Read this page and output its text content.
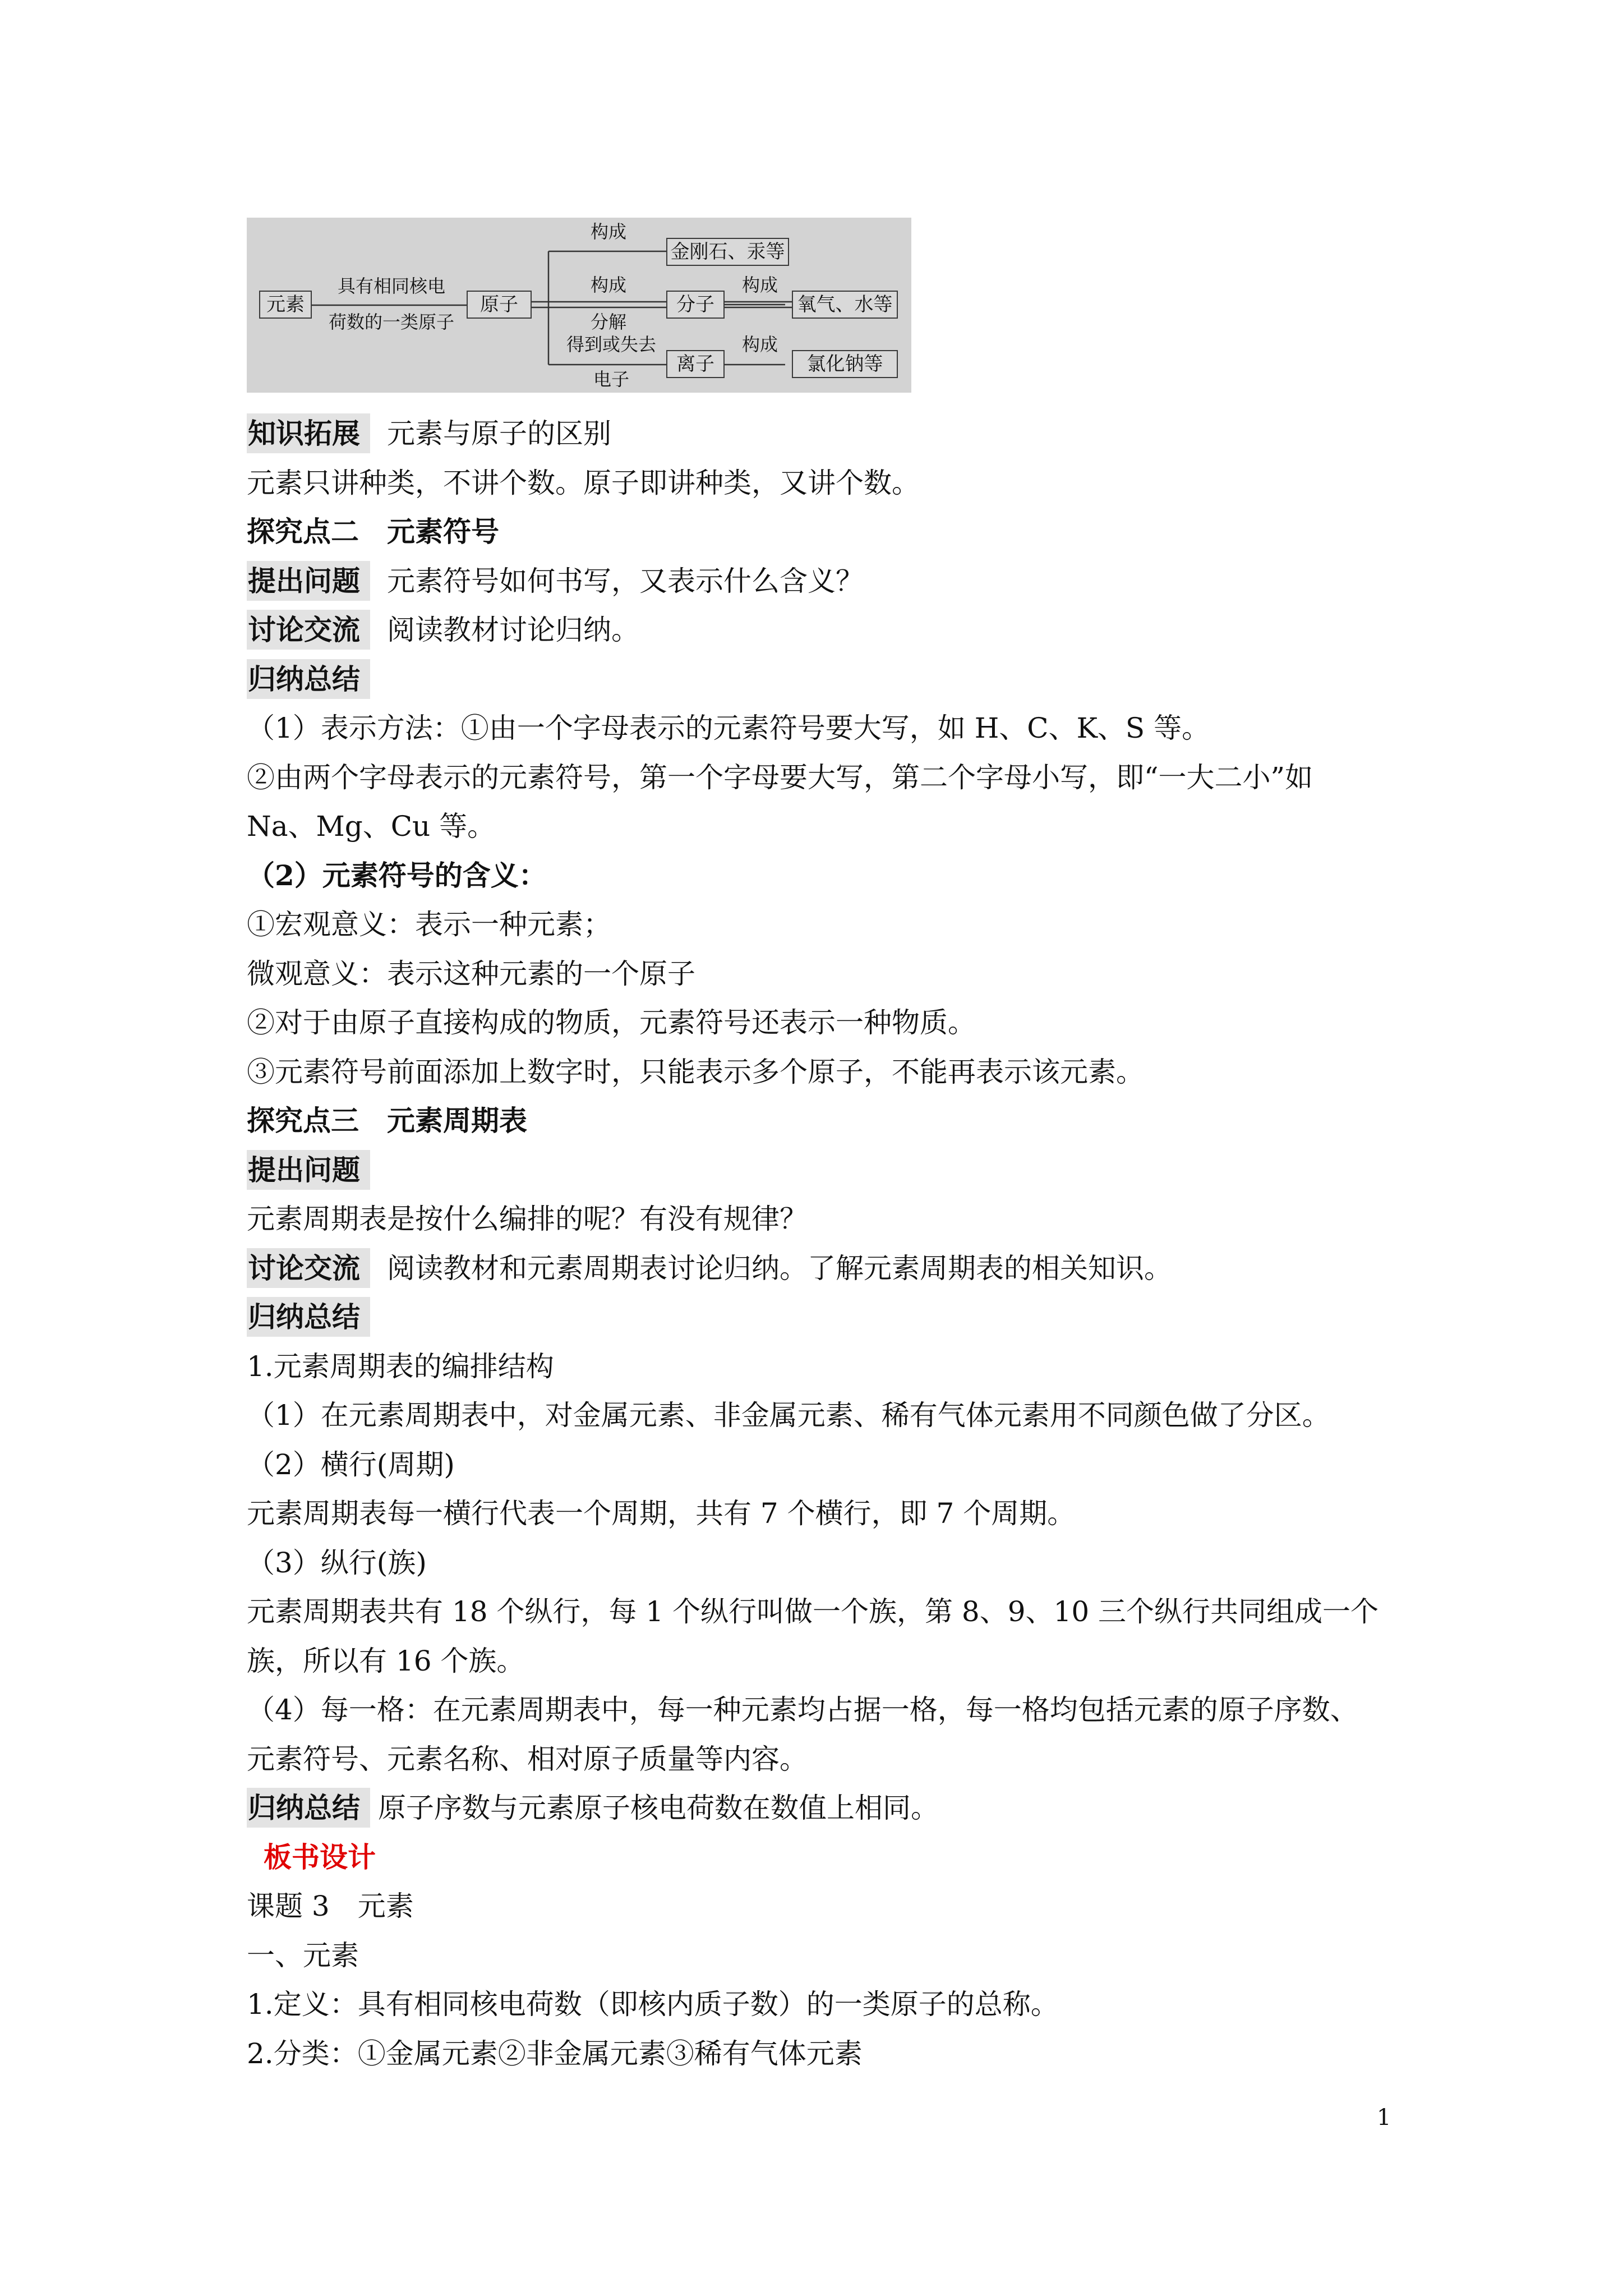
元素
具有相同核电
荷数的一类原子
原子
构成
金刚石、汞等
构成
分解
分子
构成
氧气、水等
得到或失去
电子
离子
构成
氯化钠等
知识拓展 元素与原子的区别
元素只讲种类，不讲个数。原子即讲种类，又讲个数。
探究点二　元素符号
提出问题 元素符号如何书写，又表示什么含义？
讨论交流 阅读教材讨论归纳。
归纳总结
（1）表示方法：①由一个字母表示的元素符号要大写，如 H、C、K、S 等。
②由两个字母表示的元素符号，第一个字母要大写，第二个字母小写，即“一大二小”如
Na、Mg、Cu 等。
（2）元素符号的含义：
①宏观意义：表示一种元素；
微观意义：表示这种元素的一个原子
②对于由原子直接构成的物质，元素符号还表示一种物质。
③元素符号前面添加上数字时，只能表示多个原子，不能再表示该元素。
探究点三　元素周期表
提出问题
元素周期表是按什么编排的呢？有没有规律？
讨论交流 阅读教材和元素周期表讨论归纳。了解元素周期表的相关知识。
归纳总结
1.元素周期表的编排结构
（1）在元素周期表中，对金属元素、非金属元素、稀有气体元素用不同颜色做了分区。
（2）横行(周期)
元素周期表每一横行代表一个周期，共有 7 个横行，即 7 个周期。
（3）纵行(族)
元素周期表共有 18 个纵行，每 1 个纵行叫做一个族，第 8、9、10 三个纵行共同组成一个
族，所以有 16 个族。
（4）每一格：在元素周期表中，每一种元素均占据一格，每一格均包括元素的原子序数、
元素符号、元素名称、相对原子质量等内容。
归纳总结 原子序数与元素原子核电荷数在数值上相同。
板书设计
课题 3　元素
一、元素
1.定义：具有相同核电荷数（即核内质子数）的一类原子的总称。
2.分类：①金属元素②非金属元素③稀有气体元素
1
